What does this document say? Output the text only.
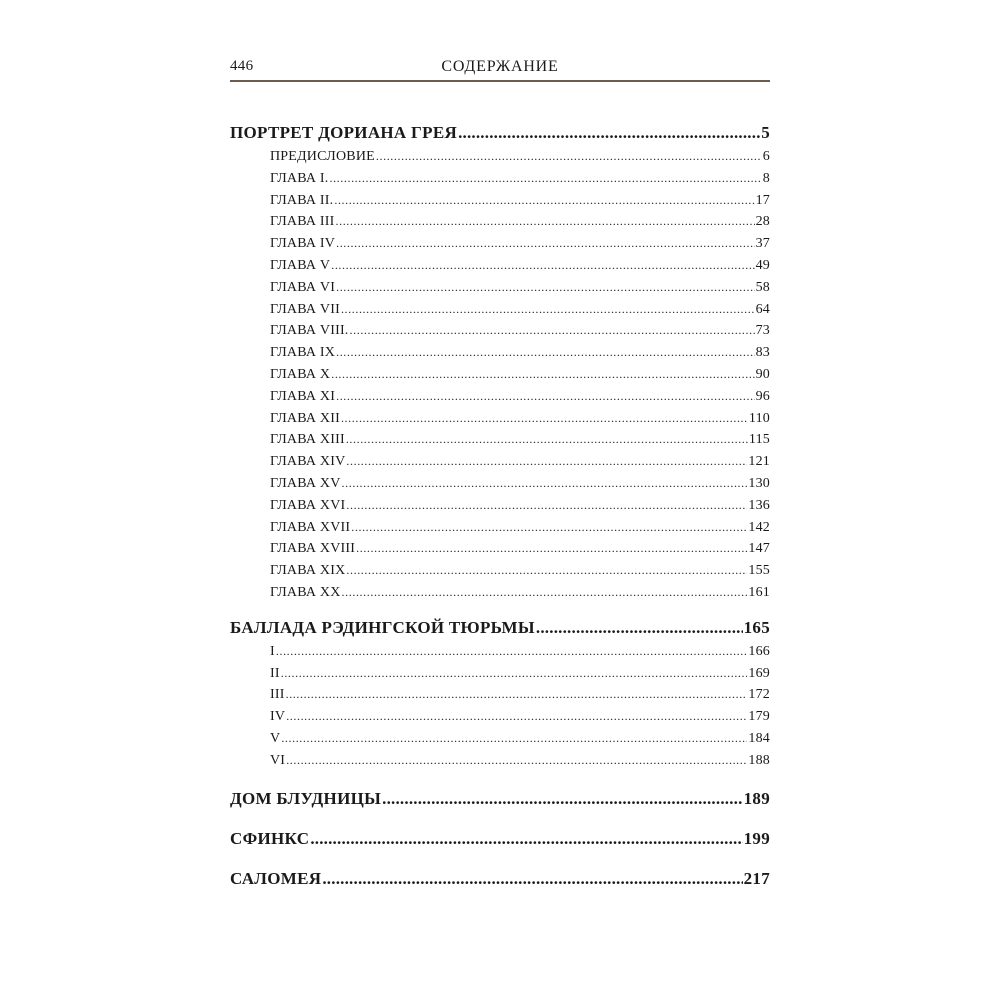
446	СОДЕРЖАНИЕ
ПОРТРЕТ ДОРИАНА ГРЕЯ .....	5
ПРЕДИСЛОВИЕ .....	6
ГЛАВА I. .....	8
ГЛАВА II. .....	17
ГЛАВА III .....	28
ГЛАВА IV .....	37
ГЛАВА V .....	49
ГЛАВА VI .....	58
ГЛАВА VII .....	64
ГЛАВА VIII. .....	73
ГЛАВА IX .....	83
ГЛАВА X .....	90
ГЛАВА XI .....	96
ГЛАВА XII .....	110
ГЛАВА XIII .....	115
ГЛАВА XIV .....	121
ГЛАВА XV .....	130
ГЛАВА XVI .....	136
ГЛАВА XVII .....	142
ГЛАВА XVIII .....	147
ГЛАВА XIX .....	155
ГЛАВА XX .....	161
БАЛЛАДА РЭДИНГСКОЙ ТЮРЬМЫ .....	165
I .....	166
II .....	169
III .....	172
IV .....	179
V .....	184
VI .....	188
ДОМ БЛУДНИЦЫ .....	189
СФИНКС .....	199
САЛОМЕЯ .....	217
